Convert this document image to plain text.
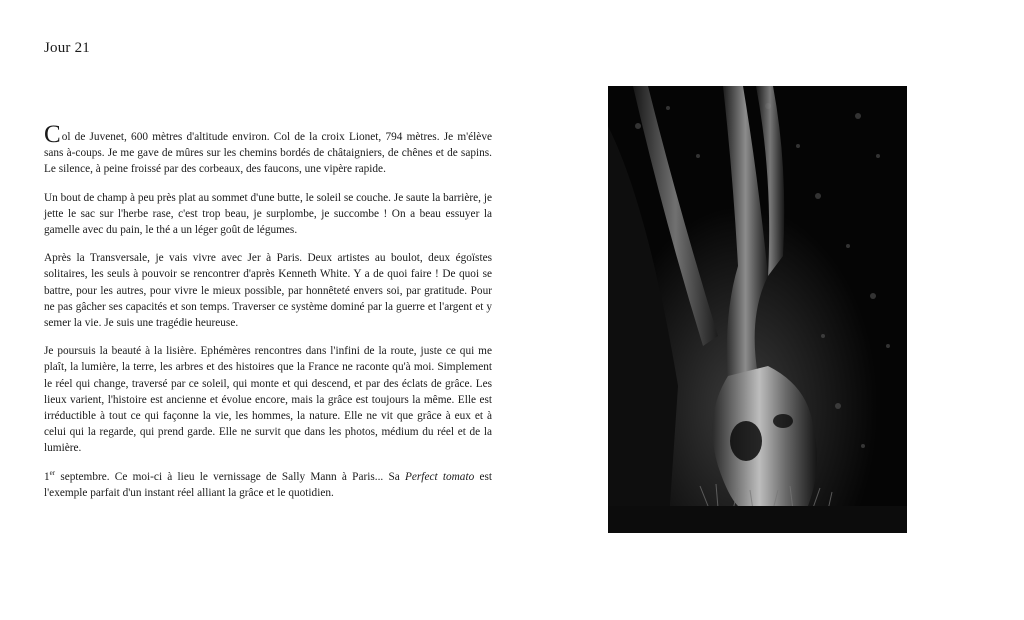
Jour 21

Col de Juvenet, 600 mètres d'altitude environ. Col de la croix Lionet, 794 mètres. Je m'élève sans à-coups. Je me gave de mûres sur les chemins bordés de châtaigniers, de chênes et de sapins. Le silence, à peine froissé par des corbeaux, des faucons, une vipère rapide.

Un bout de champ à peu près plat au sommet d'une butte, le soleil se couche. Je saute la barrière, je jette le sac sur l'herbe rase, c'est trop beau, je surplombe, je succombe ! On a beau essuyer la gamelle avec du pain, le thé a un léger goût de légumes.

Après la Transversale, je vais vivre avec Jer à Paris. Deux artistes au boulot, deux égoïstes solitaires, les seuls à pouvoir se rencontrer d'après Kenneth White. Y a de quoi faire ! De quoi se battre, pour les autres, pour vivre le mieux possible, par honnêteté envers soi, par gratitude. Pour ne pas gâcher ses capacités et son temps. Traverser ce système dominé par la guerre et l'argent et y semer la vie. Je suis une tragédie heureuse.

Je poursuis la beauté à la lisière. Ephémères rencontres dans l'infini de la route, juste ce qui me plaît, la lumière, la terre, les arbres et des histoires que la France ne raconte qu'à moi. Simplement le réel qui change, traversé par ce soleil, qui monte et qui descend, et par des éclats de grâce. Les lieux varient, l'histoire est ancienne et évolue encore, mais la grâce est toujours la même. Elle est irréductible à tout ce qui façonne la vie, les hommes, la nature. Elle ne vit que grâce à eux et à celui qui la regarde, qui prend garde. Elle ne survit que dans les photos, médium du réel et de la lumière.

1er septembre. Ce moi-ci à lieu le vernissage de Sally Mann à Paris... Sa Perfect tomato est l'exemple parfait d'un instant réel alliant la grâce et le quotidien.
